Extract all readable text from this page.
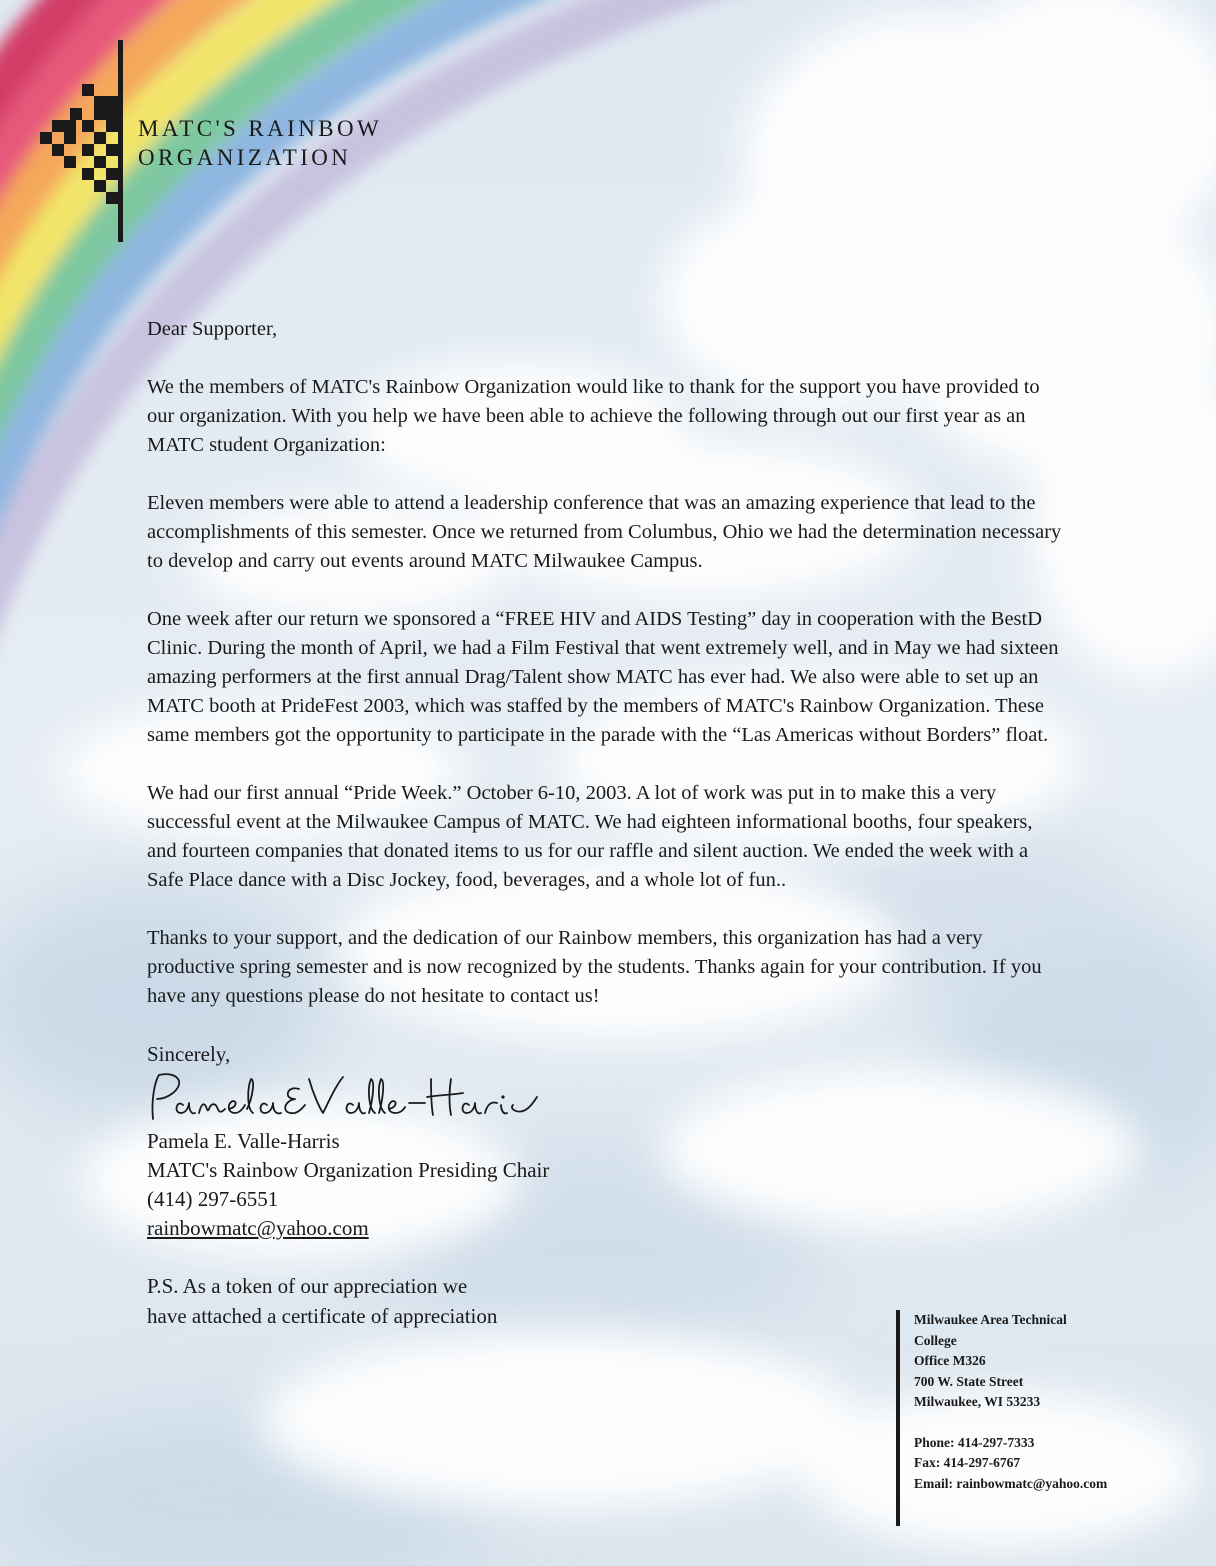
MATC'S RAINBOW
ORGANIZATION

Dear Supporter,

We the members of MATC's Rainbow Organization would like to thank for the support you have provided to our organization. With you help we have been able to achieve the following through out our first year as an MATC student Organization:

Eleven members were able to attend a leadership conference that was an amazing experience that lead to the accomplishments of this semester. Once we returned from Columbus, Ohio we had the determination necessary to develop and carry out events around MATC Milwaukee Campus.

One week after our return we sponsored a “FREE HIV and AIDS Testing” day in cooperation with the BestD Clinic. During the month of April, we had a Film Festival that went extremely well, and in May we had sixteen amazing performers at the first annual Drag/Talent show MATC has ever had. We also were able to set up an MATC booth at PrideFest 2003, which was staffed by the members of MATC's Rainbow Organization. These same members got the opportunity to participate in the parade with the “Las Americas without Borders” float.

We had our first annual “Pride Week.” October 6-10, 2003. A lot of work was put in to make this a very successful event at the Milwaukee Campus of MATC. We had eighteen informational booths, four speakers, and fourteen companies that donated items to us for our raffle and silent auction. We ended the week with a Safe Place dance with a Disc Jockey, food, beverages, and a whole lot of fun..

Thanks to your support, and the dedication of our Rainbow members, this organization has had a very productive spring semester and is now recognized by the students. Thanks again for your contribution. If you have any questions please do not hesitate to contact us!

Sincerely,
Pamela E. Valle-Harris
MATC's Rainbow Organization Presiding Chair
(414) 297-6551
rainbowmatc@yahoo.com
P.S. As a token of our appreciation we
have attached a certificate of appreciation	Milwaukee Area Technical
College
Office M326
700 W. State Street
Milwaukee, WI 53233
Phone: 414-297-7333
Fax: 414-297-6767
Email: rainbowmatc@yahoo.com
